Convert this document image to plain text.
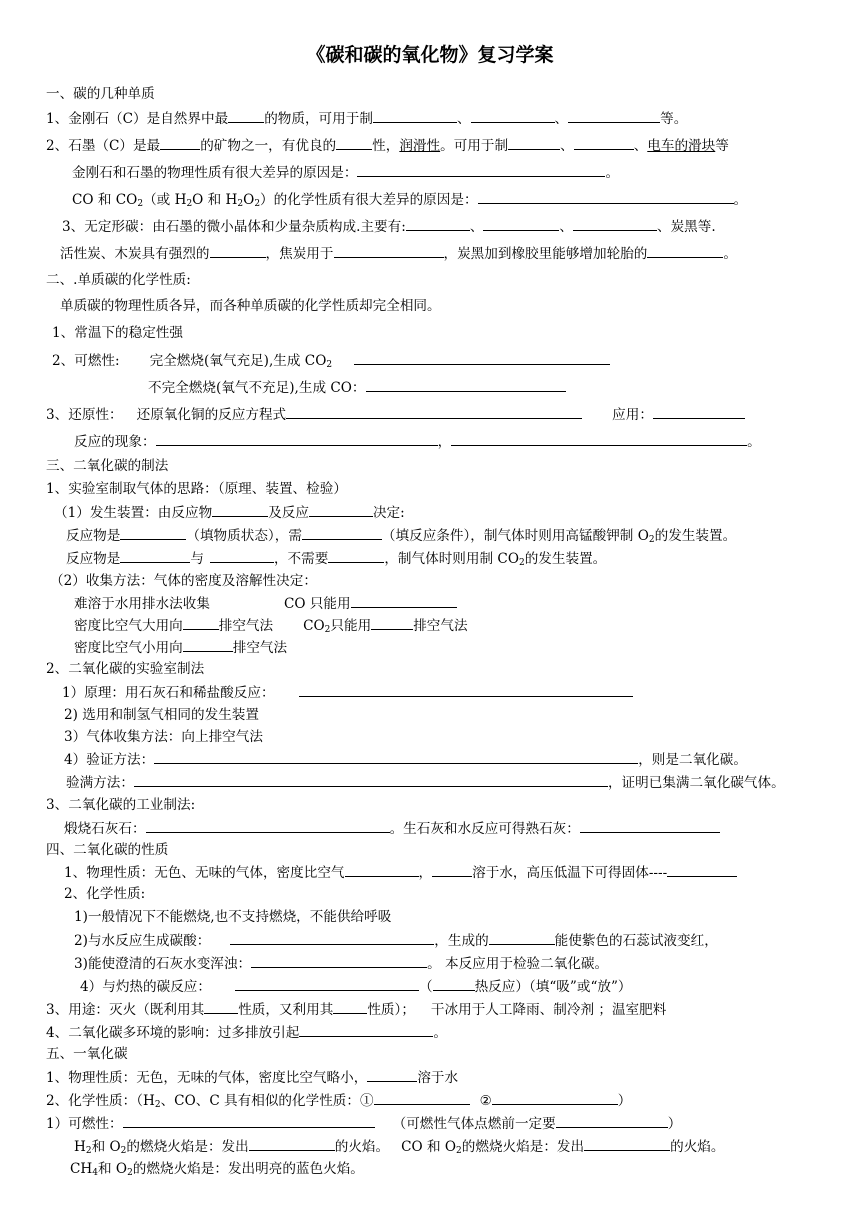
《碳和碳的氧化物》复习学案
一、碳的几种单质
1、金刚石（C）是自然界中最	的物质，可用于制	、	、	等。
2、石墨（C）是最	的矿物之一，有优良的	性，润滑性。可用于制	、	、电车的滑块等
金刚石和石墨的物理性质有很大差异的原因是：	。
CO 和 $CO_2$（或 $H_2O$ 和 $H_2O_2$）的化学性质有很大差异的原因是：	。
3、无定形碳：由石墨的微小晶体和少量杂质构成.主要有:	、	、	、炭黑等.
活性炭、木炭具有强烈的	，焦炭用于	，炭黑加到橡胶里能够增加轮胎的	。
二、.单质碳的化学性质:
单质碳的物理性质各异，而各种单质碳的化学性质却完全相同。
1、常温下的稳定性强
2、可燃性: 完全燃烧(氧气充足),生成 $CO_2$
不完全燃烧(氧气不充足),生成 CO：
3、还原性： 还原氧化铜的反应方程式	应用：
反应的现象：	，	。
三、二氧化碳的制法
1、实验室制取气体的思路：（原理、装置、检验）
（1）发生装置：由反应物	及反应	决定:
反应物是	（填物质状态），需	（填反应条件），制气体时则用高锰酸钾制 $O_2$的发生装置。
反应物是	与	，不需要	，制气体时则用制 $CO_2$的发生装置。
（2）收集方法：气体的密度及溶解性决定：
难溶于水用排水法收集	CO 只能用
密度比空气大用向	排空气法 $CO_2$只能用	排空气法
密度比空气小用向	排空气法
2、二氧化碳的实验室制法
1）原理：用石灰石和稀盐酸反应：
2) 选用和制氢气相同的发生装置
3）气体收集方法：向上排空气法
4）验证方法：	，则是二氧化碳。
验满方法：	，证明已集满二氧化碳气体。
3、二氧化碳的工业制法:
煅烧石灰石：	。生石灰和水反应可得熟石灰：
四、二氧化碳的性质
1、物理性质：无色、无味的气体，密度比空气	，	溶于水，高压低温下可得固体----
2、化学性质:
1)一般情况下不能燃烧,也不支持燃烧，不能供给呼吸
2)与水反应生成碳酸：	，生成的	能使紫色的石蕊试液变红，
3)能使澄清的石灰水变浑浊：	。 本反应用于检验二氧化碳。
4）与灼热的碳反应：	（	热反应）（填“吸”或“放”）
3、用途：灭火（既利用其	性质，又利用其	性质）； 干冰用于人工降雨、制冷剂 ；温室肥料
4、二氧化碳多环境的影响：过多排放引起	。
五、一氧化碳
1、物理性质：无色，无味的气体，密度比空气略小，	溶于水
2、化学性质：（$H_2$、CO、C 具有相似的化学性质：①	②	）
1）可燃性：	（可燃性气体点燃前一定要	）
$H_2$和 $O_2$的燃烧火焰是：发出	的火焰。 CO 和 $O_2$的燃烧火焰是：发出	的火焰。
$CH_4$和 $O_2$的燃烧火焰是：发出明亮的蓝色火焰。
